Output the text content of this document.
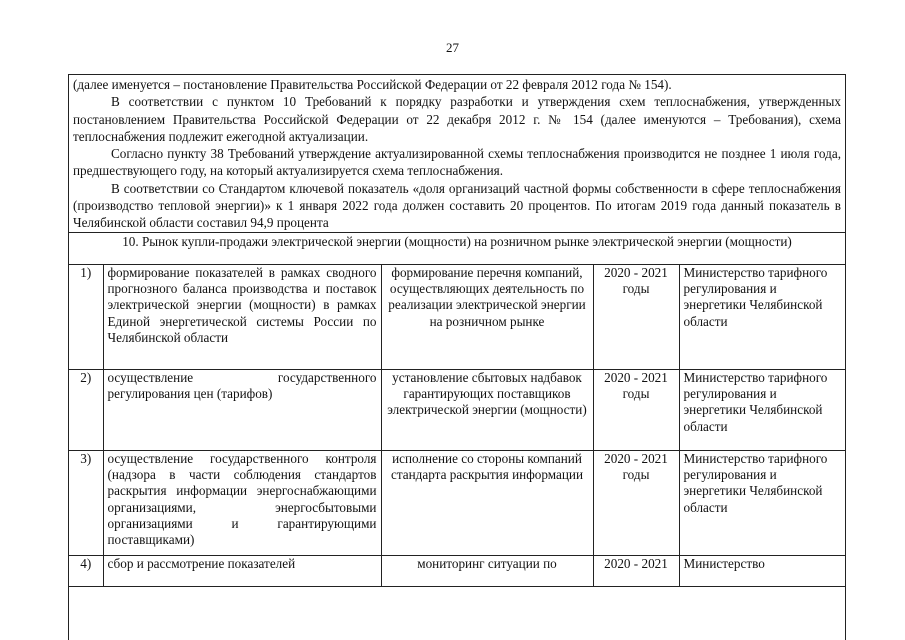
27

(далее именуется – постановление Правительства Российской Федерации от 22 февраля 2012 года № 154).

В соответствии с пунктом 10 Требований к порядку разработки и утверждения схем теплоснабжения, утвержденных постановлением Правительства Российской Федерации от 22 декабря 2012 г. № 154 (далее именуются – Требования), схема теплоснабжения подлежит ежегодной актуализации.

Согласно пункту 38 Требований утверждение актуализированной схемы теплоснабжения производится не позднее 1 июля года, предшествующего году, на который актуализируется схема теплоснабжения.

В соответствии со Стандартом ключевой показатель «доля организаций частной формы собственности в сфере теплоснабжения (производство тепловой энергии)» к 1 января 2022 года должен составить 20 процентов. По итогам 2019 года данный показатель в Челябинской области составил 94,9 процента

10. Рынок купли-продажи электрической энергии (мощности) на розничном рынке электрической энергии (мощности)
1)	формирование показателей в рамках сводного прогнозного баланса производства и поставок электрической энергии (мощности) в рамках Единой энергетической системы России по Челябинской области	формирование перечня компаний, осуществляющих деятельность по реализации электрической энергии на розничном рынке	2020 - 2021 годы	Министерство тарифного регулирования и энергетики Челябинской области
2)	осуществление государственного регулирования цен (тарифов)	установление сбытовых надбавок гарантирующих поставщиков электрической энергии (мощности)	2020 - 2021 годы	Министерство тарифного регулирования и энергетики Челябинской области
3)	осуществление государственного контроля (надзора в части соблюдения стандартов раскрытия информации энергоснабжающими организациями, энергосбытовыми организациями и гарантирующими поставщиками)	исполнение со стороны компаний стандарта раскрытия информации	2020 - 2021 годы	Министерство тарифного регулирования и энергетики Челябинской области
4)	сбор и рассмотрение показателей	мониторинг ситуации по	2020 - 2021	Министерство
